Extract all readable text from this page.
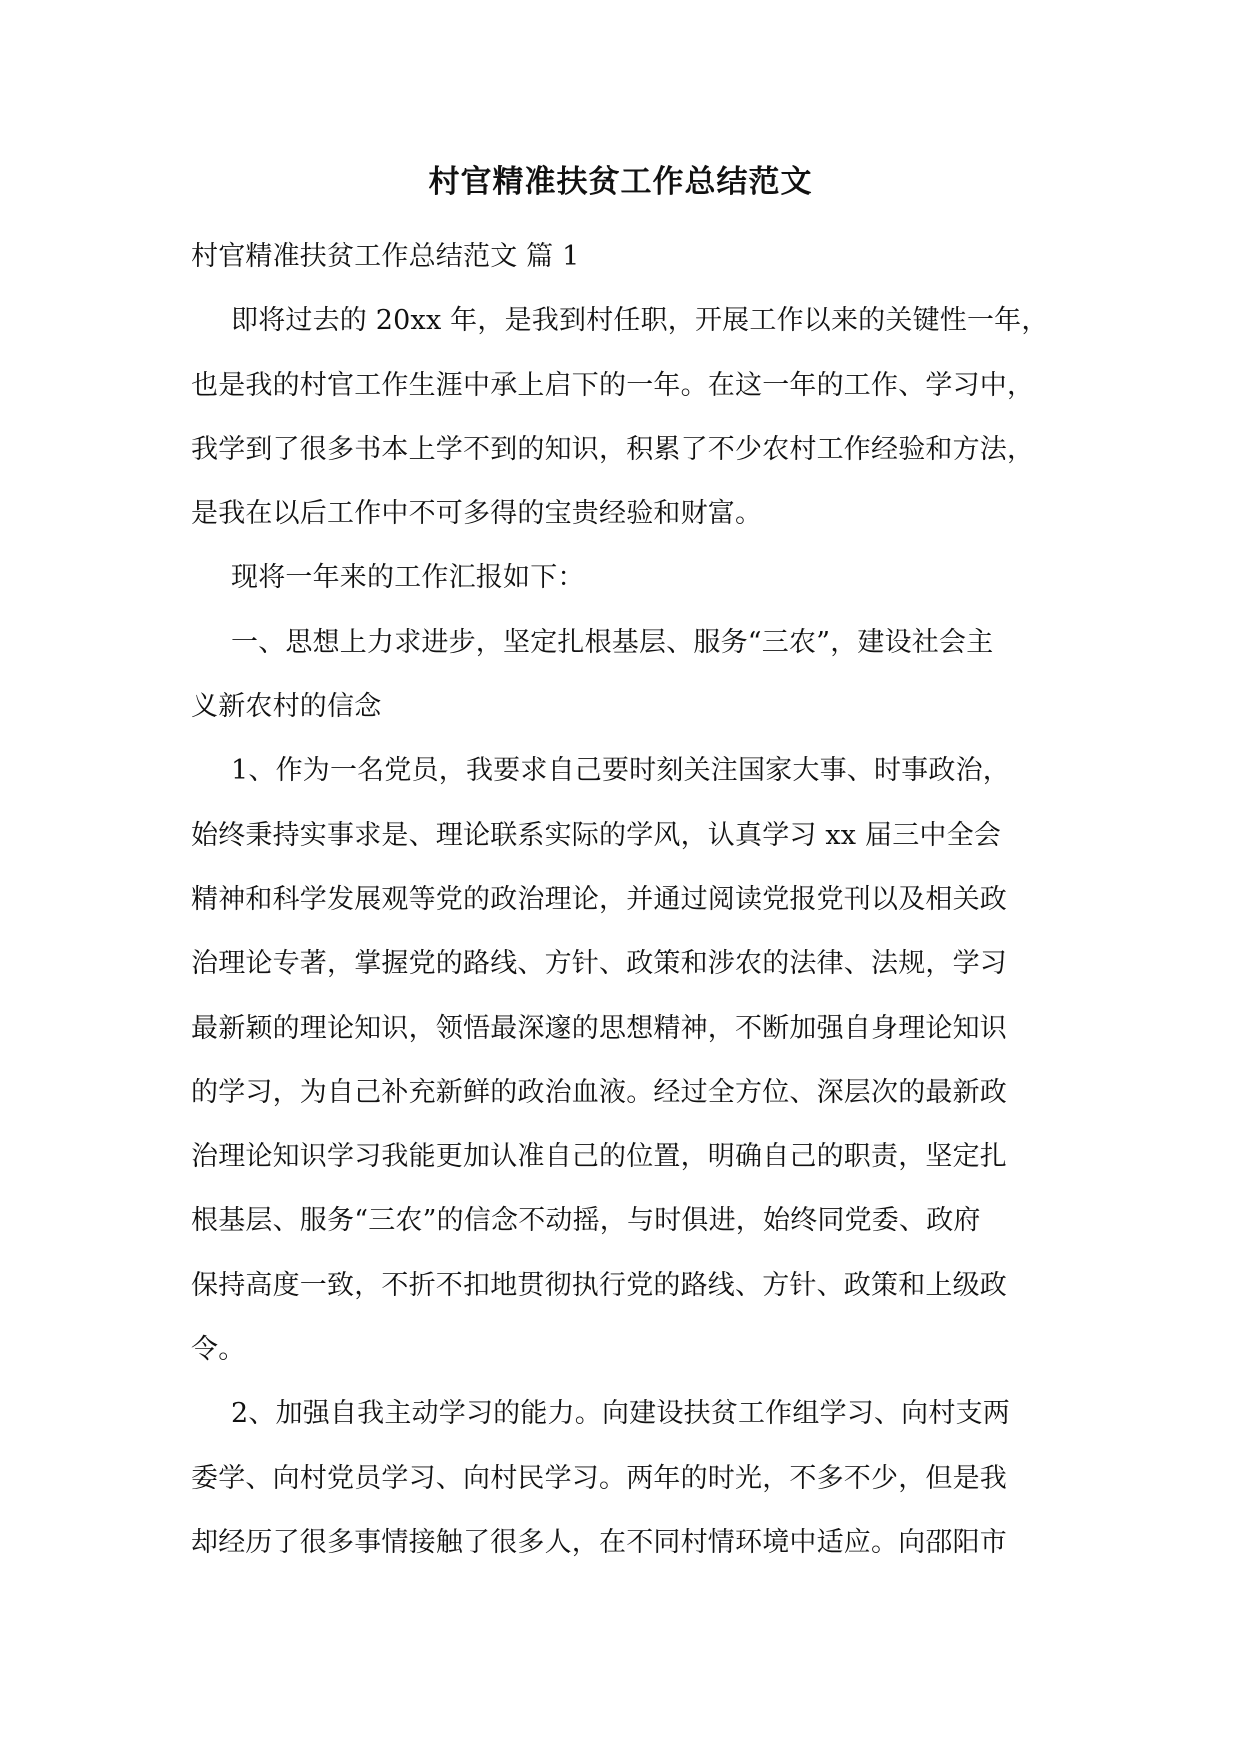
村官精准扶贫工作总结范文
村官精准扶贫工作总结范文 篇 1
即将过去的 20xx 年，是我到村任职，开展工作以来的关键性一年，
也是我的村官工作生涯中承上启下的一年。在这一年的工作、学习中，
我学到了很多书本上学不到的知识，积累了不少农村工作经验和方法，
是我在以后工作中不可多得的宝贵经验和财富。
现将一年来的工作汇报如下：
一、思想上力求进步，坚定扎根基层、服务“三农”，建设社会主
义新农村的信念
1、作为一名党员，我要求自己要时刻关注国家大事、时事政治，
始终秉持实事求是、理论联系实际的学风，认真学习 xx 届三中全会
精神和科学发展观等党的政治理论，并通过阅读党报党刊以及相关政
治理论专著，掌握党的路线、方针、政策和涉农的法律、法规，学习
最新颖的理论知识，领悟最深邃的思想精神，不断加强自身理论知识
的学习，为自己补充新鲜的政治血液。经过全方位、深层次的最新政
治理论知识学习我能更加认准自己的位置，明确自己的职责，坚定扎
根基层、服务“三农”的信念不动摇，与时俱进，始终同党委、政府
保持高度一致，不折不扣地贯彻执行党的路线、方针、政策和上级政
令。
2、加强自我主动学习的能力。向建设扶贫工作组学习、向村支两
委学、向村党员学习、向村民学习。两年的时光，不多不少，但是我
却经历了很多事情接触了很多人，在不同村情环境中适应。向邵阳市
